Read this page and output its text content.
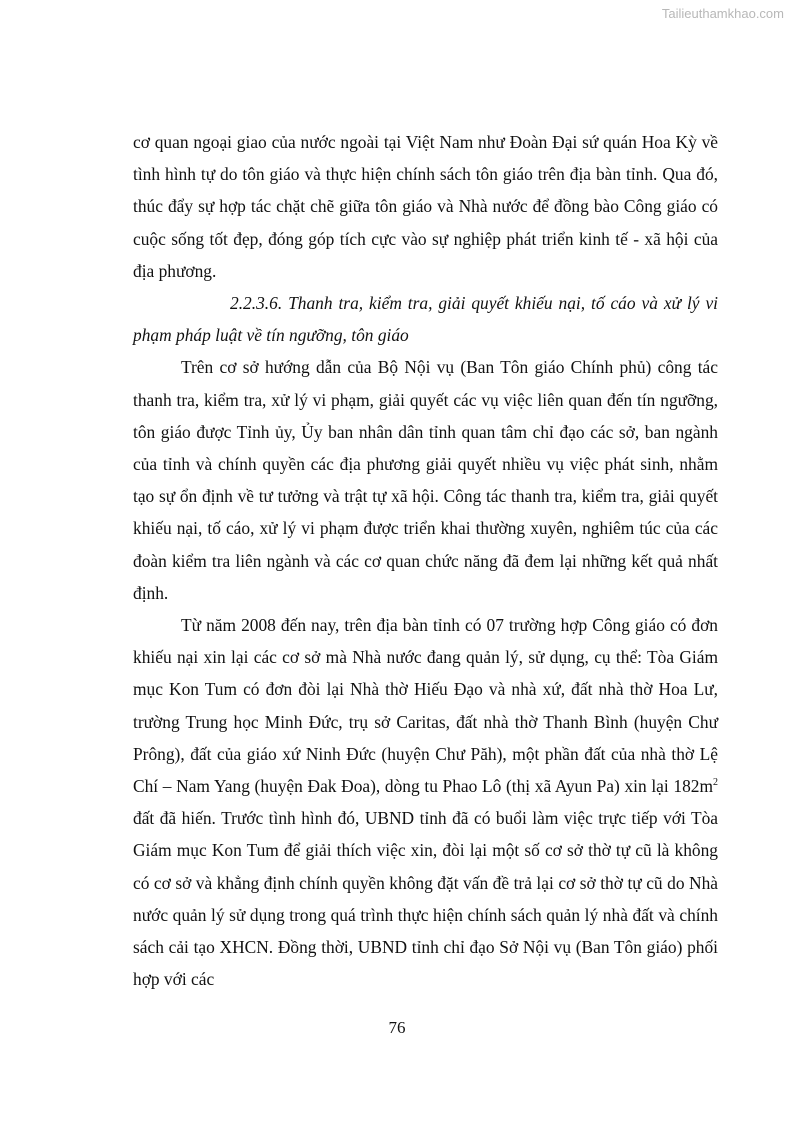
Tailieuthamkhao.com

cơ quan ngoại giao của nước ngoài tại Việt Nam như Đoàn Đại sứ quán Hoa Kỳ về tình hình tự do tôn giáo và thực hiện chính sách tôn giáo trên địa bàn tỉnh. Qua đó, thúc đẩy sự hợp tác chặt chẽ giữa tôn giáo và Nhà nước để đồng bào Công giáo có cuộc sống tốt đẹp, đóng góp tích cực vào sự nghiệp phát triển kinh tế - xã hội của địa phương.

2.2.3.6. Thanh tra, kiểm tra, giải quyết khiếu nại, tố cáo và xử lý vi phạm pháp luật về tín ngưỡng, tôn giáo

Trên cơ sở hướng dẫn của Bộ Nội vụ (Ban Tôn giáo Chính phủ) công tác thanh tra, kiểm tra, xử lý vi phạm, giải quyết các vụ việc liên quan đến tín ngưỡng, tôn giáo được Tỉnh ủy, Ủy ban nhân dân tỉnh quan tâm chỉ đạo các sở, ban ngành của tỉnh và chính quyền các địa phương giải quyết nhiều vụ việc phát sinh, nhằm tạo sự ổn định về tư tưởng và trật tự xã hội. Công tác thanh tra, kiểm tra, giải quyết khiếu nại, tố cáo, xử lý vi phạm được triển khai thường xuyên, nghiêm túc của các đoàn kiểm tra liên ngành và các cơ quan chức năng đã đem lại những kết quả nhất định.

Từ năm 2008 đến nay, trên địa bàn tỉnh có 07 trường hợp Công giáo có đơn khiếu nại xin lại các cơ sở mà Nhà nước đang quản lý, sử dụng, cụ thể: Tòa Giám mục Kon Tum có đơn đòi lại Nhà thờ Hiếu Đạo và nhà xứ, đất nhà thờ Hoa Lư, trường Trung học Minh Đức, trụ sở Caritas, đất nhà thờ Thanh Bình (huyện Chư Prông), đất của giáo xứ Ninh Đức (huyện Chư Păh), một phần đất của nhà thờ Lệ Chí – Nam Yang (huyện Đak Đoa), dòng tu Phao Lô (thị xã Ayun Pa) xin lại $182m^2$ đất đã hiến. Trước tình hình đó, UBND tỉnh đã có buổi làm việc trực tiếp với Tòa Giám mục Kon Tum để giải thích việc xin, đòi lại một số cơ sở thờ tự cũ là không có cơ sở và khẳng định chính quyền không đặt vấn đề trả lại cơ sở thờ tự cũ do Nhà nước quản lý sử dụng trong quá trình thực hiện chính sách quản lý nhà đất và chính sách cải tạo XHCN. Đồng thời, UBND tỉnh chỉ đạo Sở Nội vụ (Ban Tôn giáo) phối hợp với các

76
